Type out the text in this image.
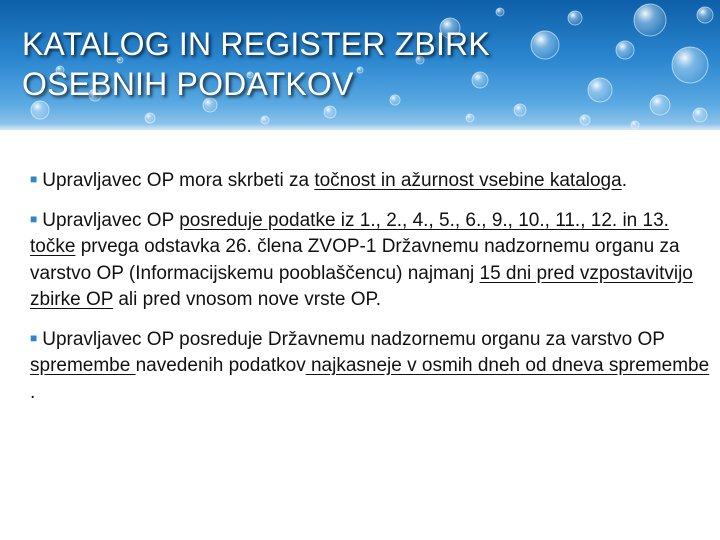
KATALOG IN REGISTER ZBIRK
OSEBNIH PODATKOV

■ Upravljavec OP mora skrbeti za točnost in ažurnost vsebine kataloga.

■ Upravljavec OP posreduje podatke iz 1., 2., 4., 5., 6., 9., 10., 11., 12. in 13. točke prvega odstavka 26. člena ZVOP-1 Državnemu nadzornemu organu za varstvo OP (Informacijskemu pooblaščencu) najmanj 15 dni pred vzpostavitvijo zbirke OP ali pred vnosom nove vrste OP.

■ Upravljavec OP posreduje Državnemu nadzornemu organu za varstvo OP spremembe navedenih podatkov najkasneje v osmih dneh od dneva spremembe .
